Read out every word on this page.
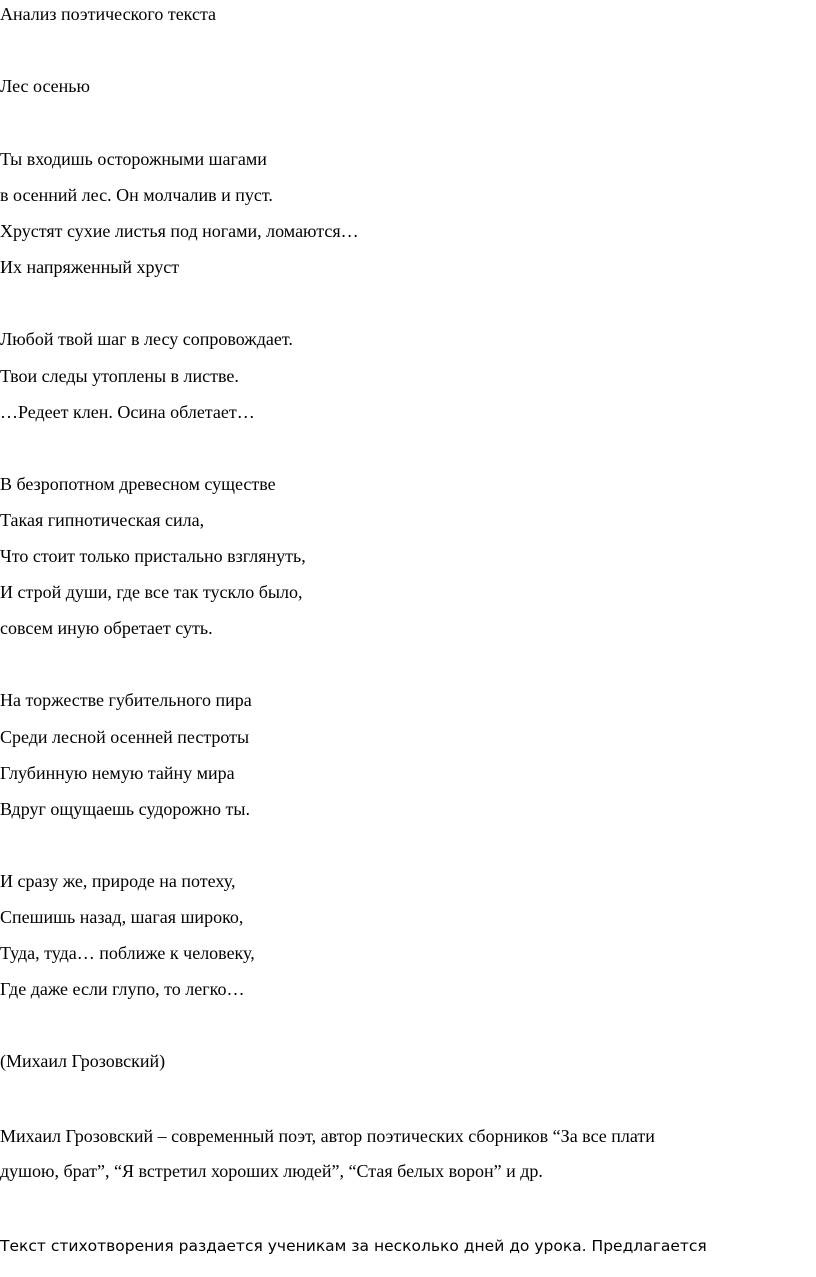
Анализ поэтического текста
Лес осенью
Ты входишь осторожными шагами
в осенний лес. Он молчалив и пуст.
Хрустят сухие листья под ногами, ломаются…
Их напряженный хруст
Любой твой шаг в лесу сопровождает.
Твои следы утоплены в листве.
…Редеет клен. Осина облетает…
В безропотном древесном существе
Такая гипнотическая сила,
Что стоит только пристально взглянуть,
И строй души, где все так тускло было,
совсем иную обретает суть.
На торжестве губительного пира
Среди лесной осенней пестроты
Глубинную немую тайну мира
Вдруг ощущаешь судорожно ты.
И сразу же, природе на потеху,
Спешишь назад, шагая широко,
Туда, туда… поближе к человеку,
Где даже если глупо, то легко…
(Михаил Грозовский)
Михаил Грозовский – современный поэт, автор поэтических сборников “За все плати
душою, брат”, “Я встретил хороших людей”, “Стая белых ворон” и др.
Текст стихотворения раздается ученикам за несколько дней до урока. Предлагается
